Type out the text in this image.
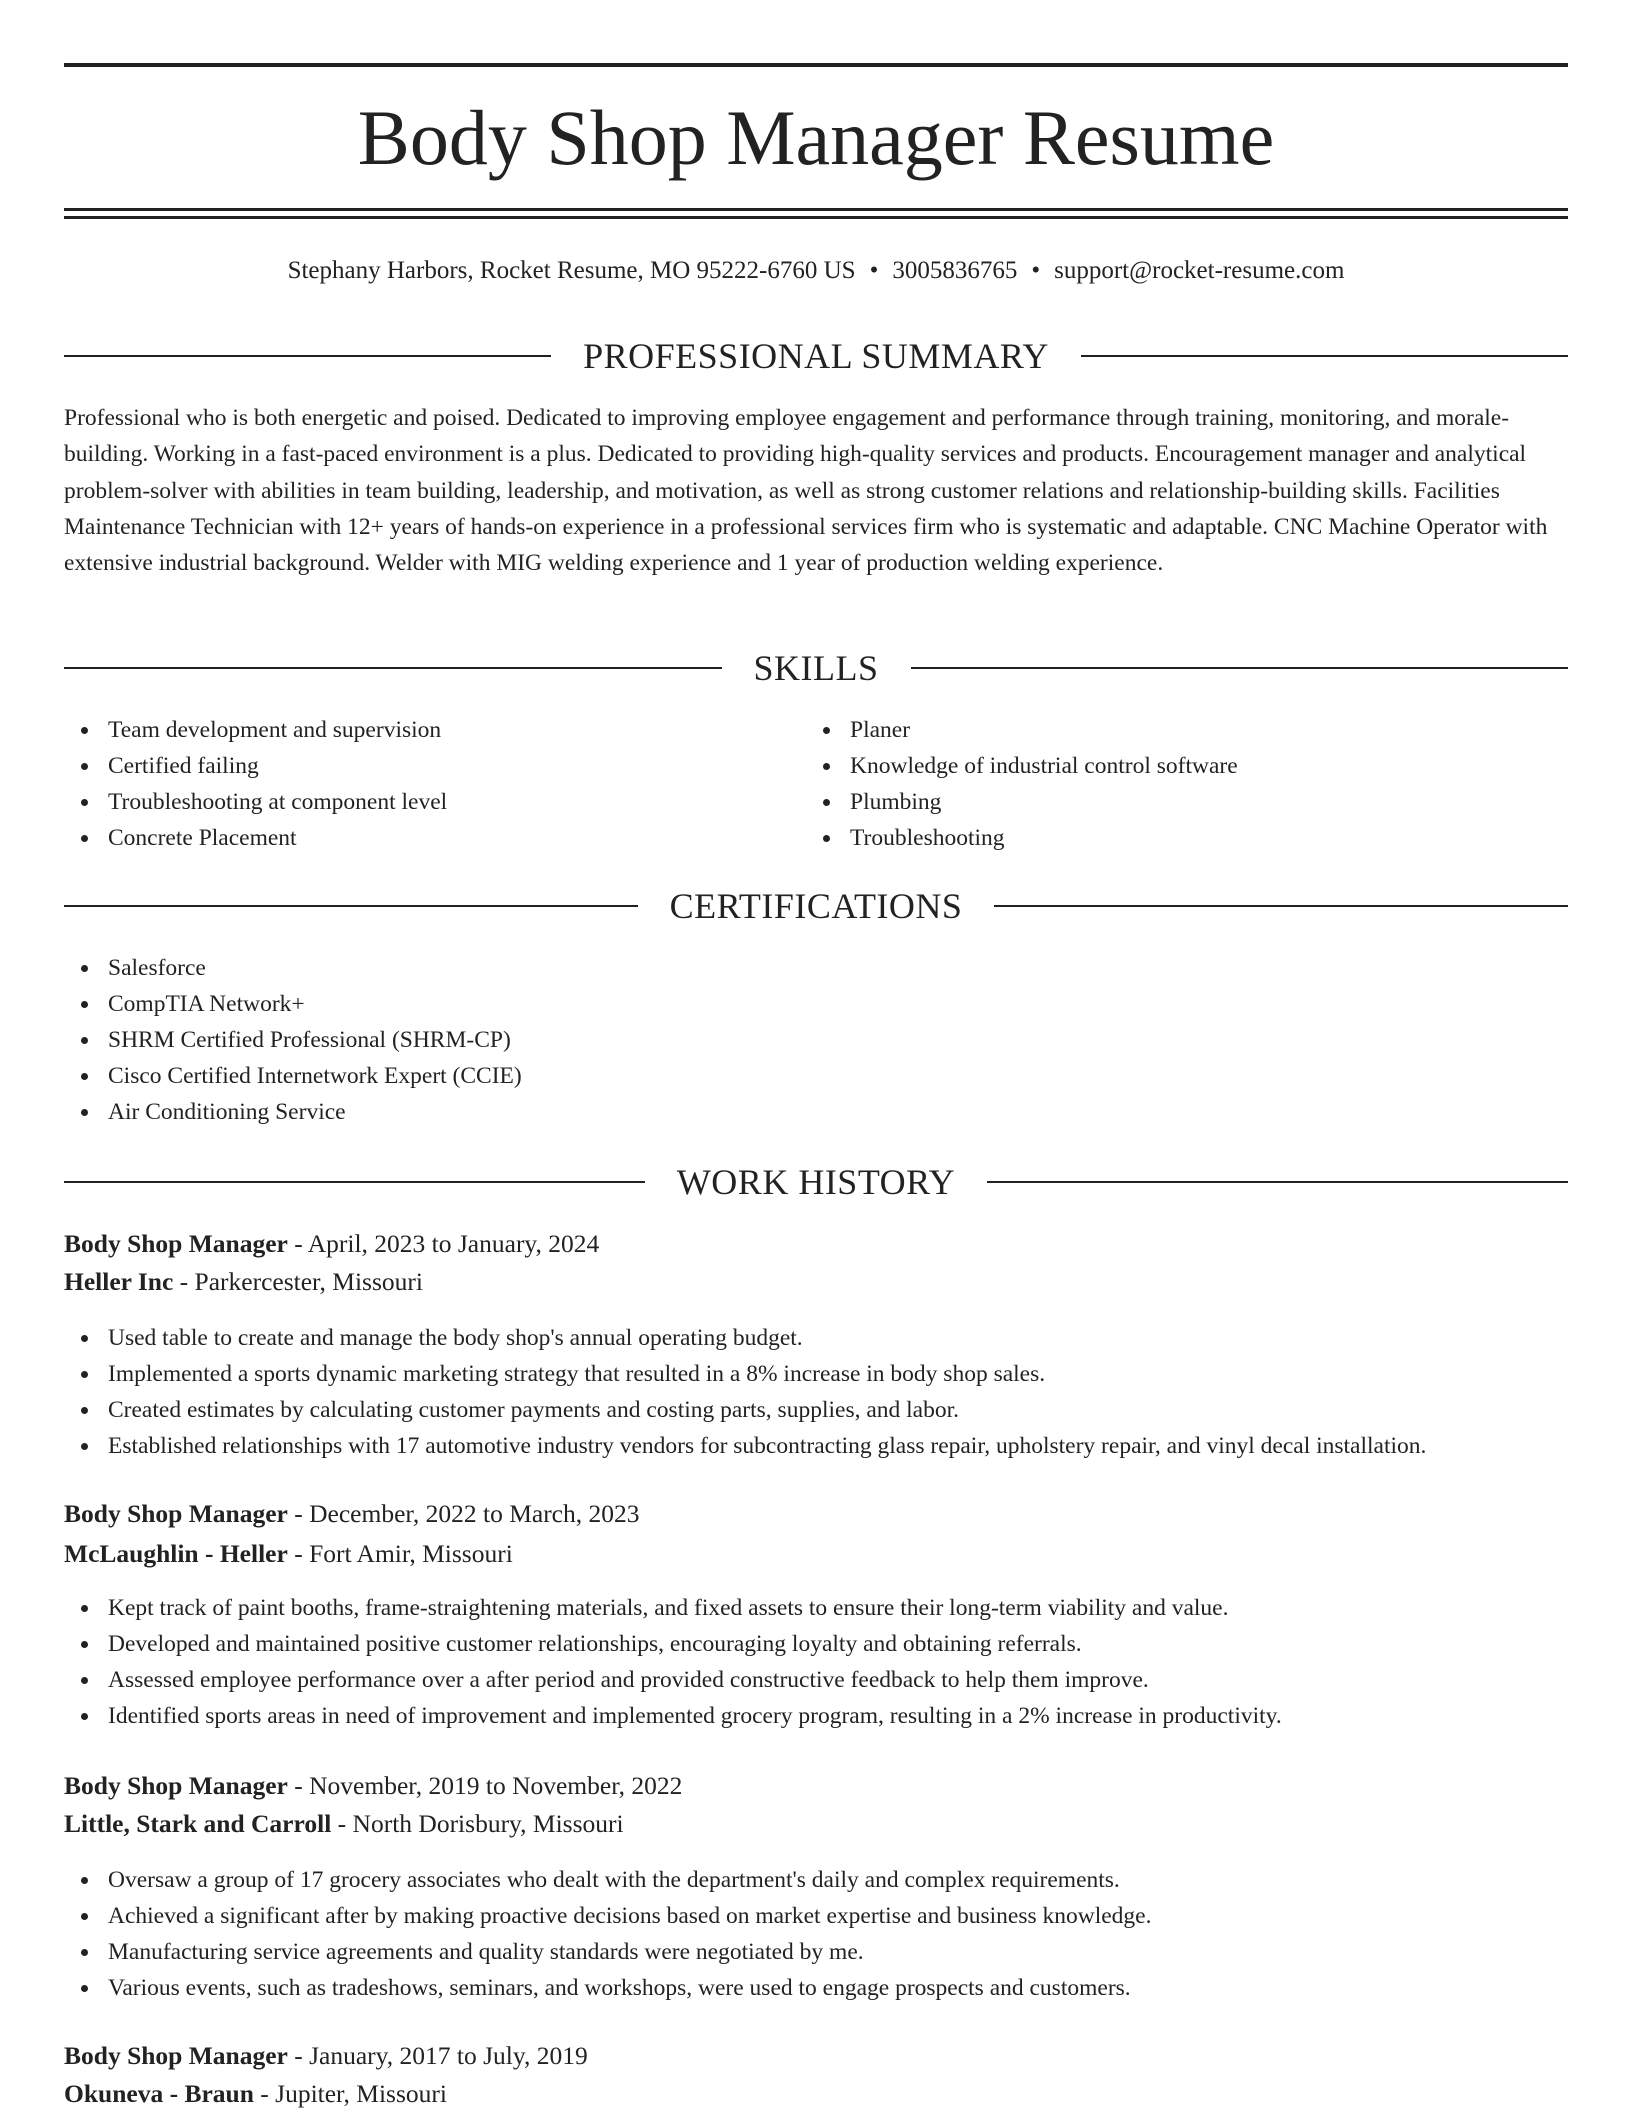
Body Shop Manager Resume
Stephany Harbors, Rocket Resume, MO 95222-6760 US • 3005836765 • support@rocket-resume.com
PROFESSIONAL SUMMARY

Professional who is both energetic and poised. Dedicated to improving employee engagement and performance through training, monitoring, and morale-building. Working in a fast-paced environment is a plus. Dedicated to providing high-quality services and products. Encouragement manager and analytical problem-solver with abilities in team building, leadership, and motivation, as well as strong customer relations and relationship-building skills. Facilities Maintenance Technician with 12+ years of hands-on experience in a professional services firm who is systematic and adaptable. CNC Machine Operator with extensive industrial background. Welder with MIG welding experience and 1 year of production welding experience.

SKILLS
Team development and supervision
Certified failing
Troubleshooting at component level
Concrete Placement
Planer
Knowledge of industrial control software
Plumbing
Troubleshooting
CERTIFICATIONS
Salesforce
CompTIA Network+
SHRM Certified Professional (SHRM-CP)
Cisco Certified Internetwork Expert (CCIE)
Air Conditioning Service
WORK HISTORY
Body Shop Manager - April, 2023 to January, 2024
Heller Inc - Parkercester, Missouri
Used table to create and manage the body shop's annual operating budget.
Implemented a sports dynamic marketing strategy that resulted in a 8% increase in body shop sales.
Created estimates by calculating customer payments and costing parts, supplies, and labor.
Established relationships with 17 automotive industry vendors for subcontracting glass repair, upholstery repair, and vinyl decal installation.
Body Shop Manager - December, 2022 to March, 2023
McLaughlin - Heller - Fort Amir, Missouri
Kept track of paint booths, frame-straightening materials, and fixed assets to ensure their long-term viability and value.
Developed and maintained positive customer relationships, encouraging loyalty and obtaining referrals.
Assessed employee performance over a after period and provided constructive feedback to help them improve.
Identified sports areas in need of improvement and implemented grocery program, resulting in a 2% increase in productivity.
Body Shop Manager - November, 2019 to November, 2022
Little, Stark and Carroll - North Dorisbury, Missouri
Oversaw a group of 17 grocery associates who dealt with the department's daily and complex requirements.
Achieved a significant after by making proactive decisions based on market expertise and business knowledge.
Manufacturing service agreements and quality standards were negotiated by me.
Various events, such as tradeshows, seminars, and workshops, were used to engage prospects and customers.
Body Shop Manager - January, 2017 to July, 2019
Okuneva - Braun - Jupiter, Missouri
